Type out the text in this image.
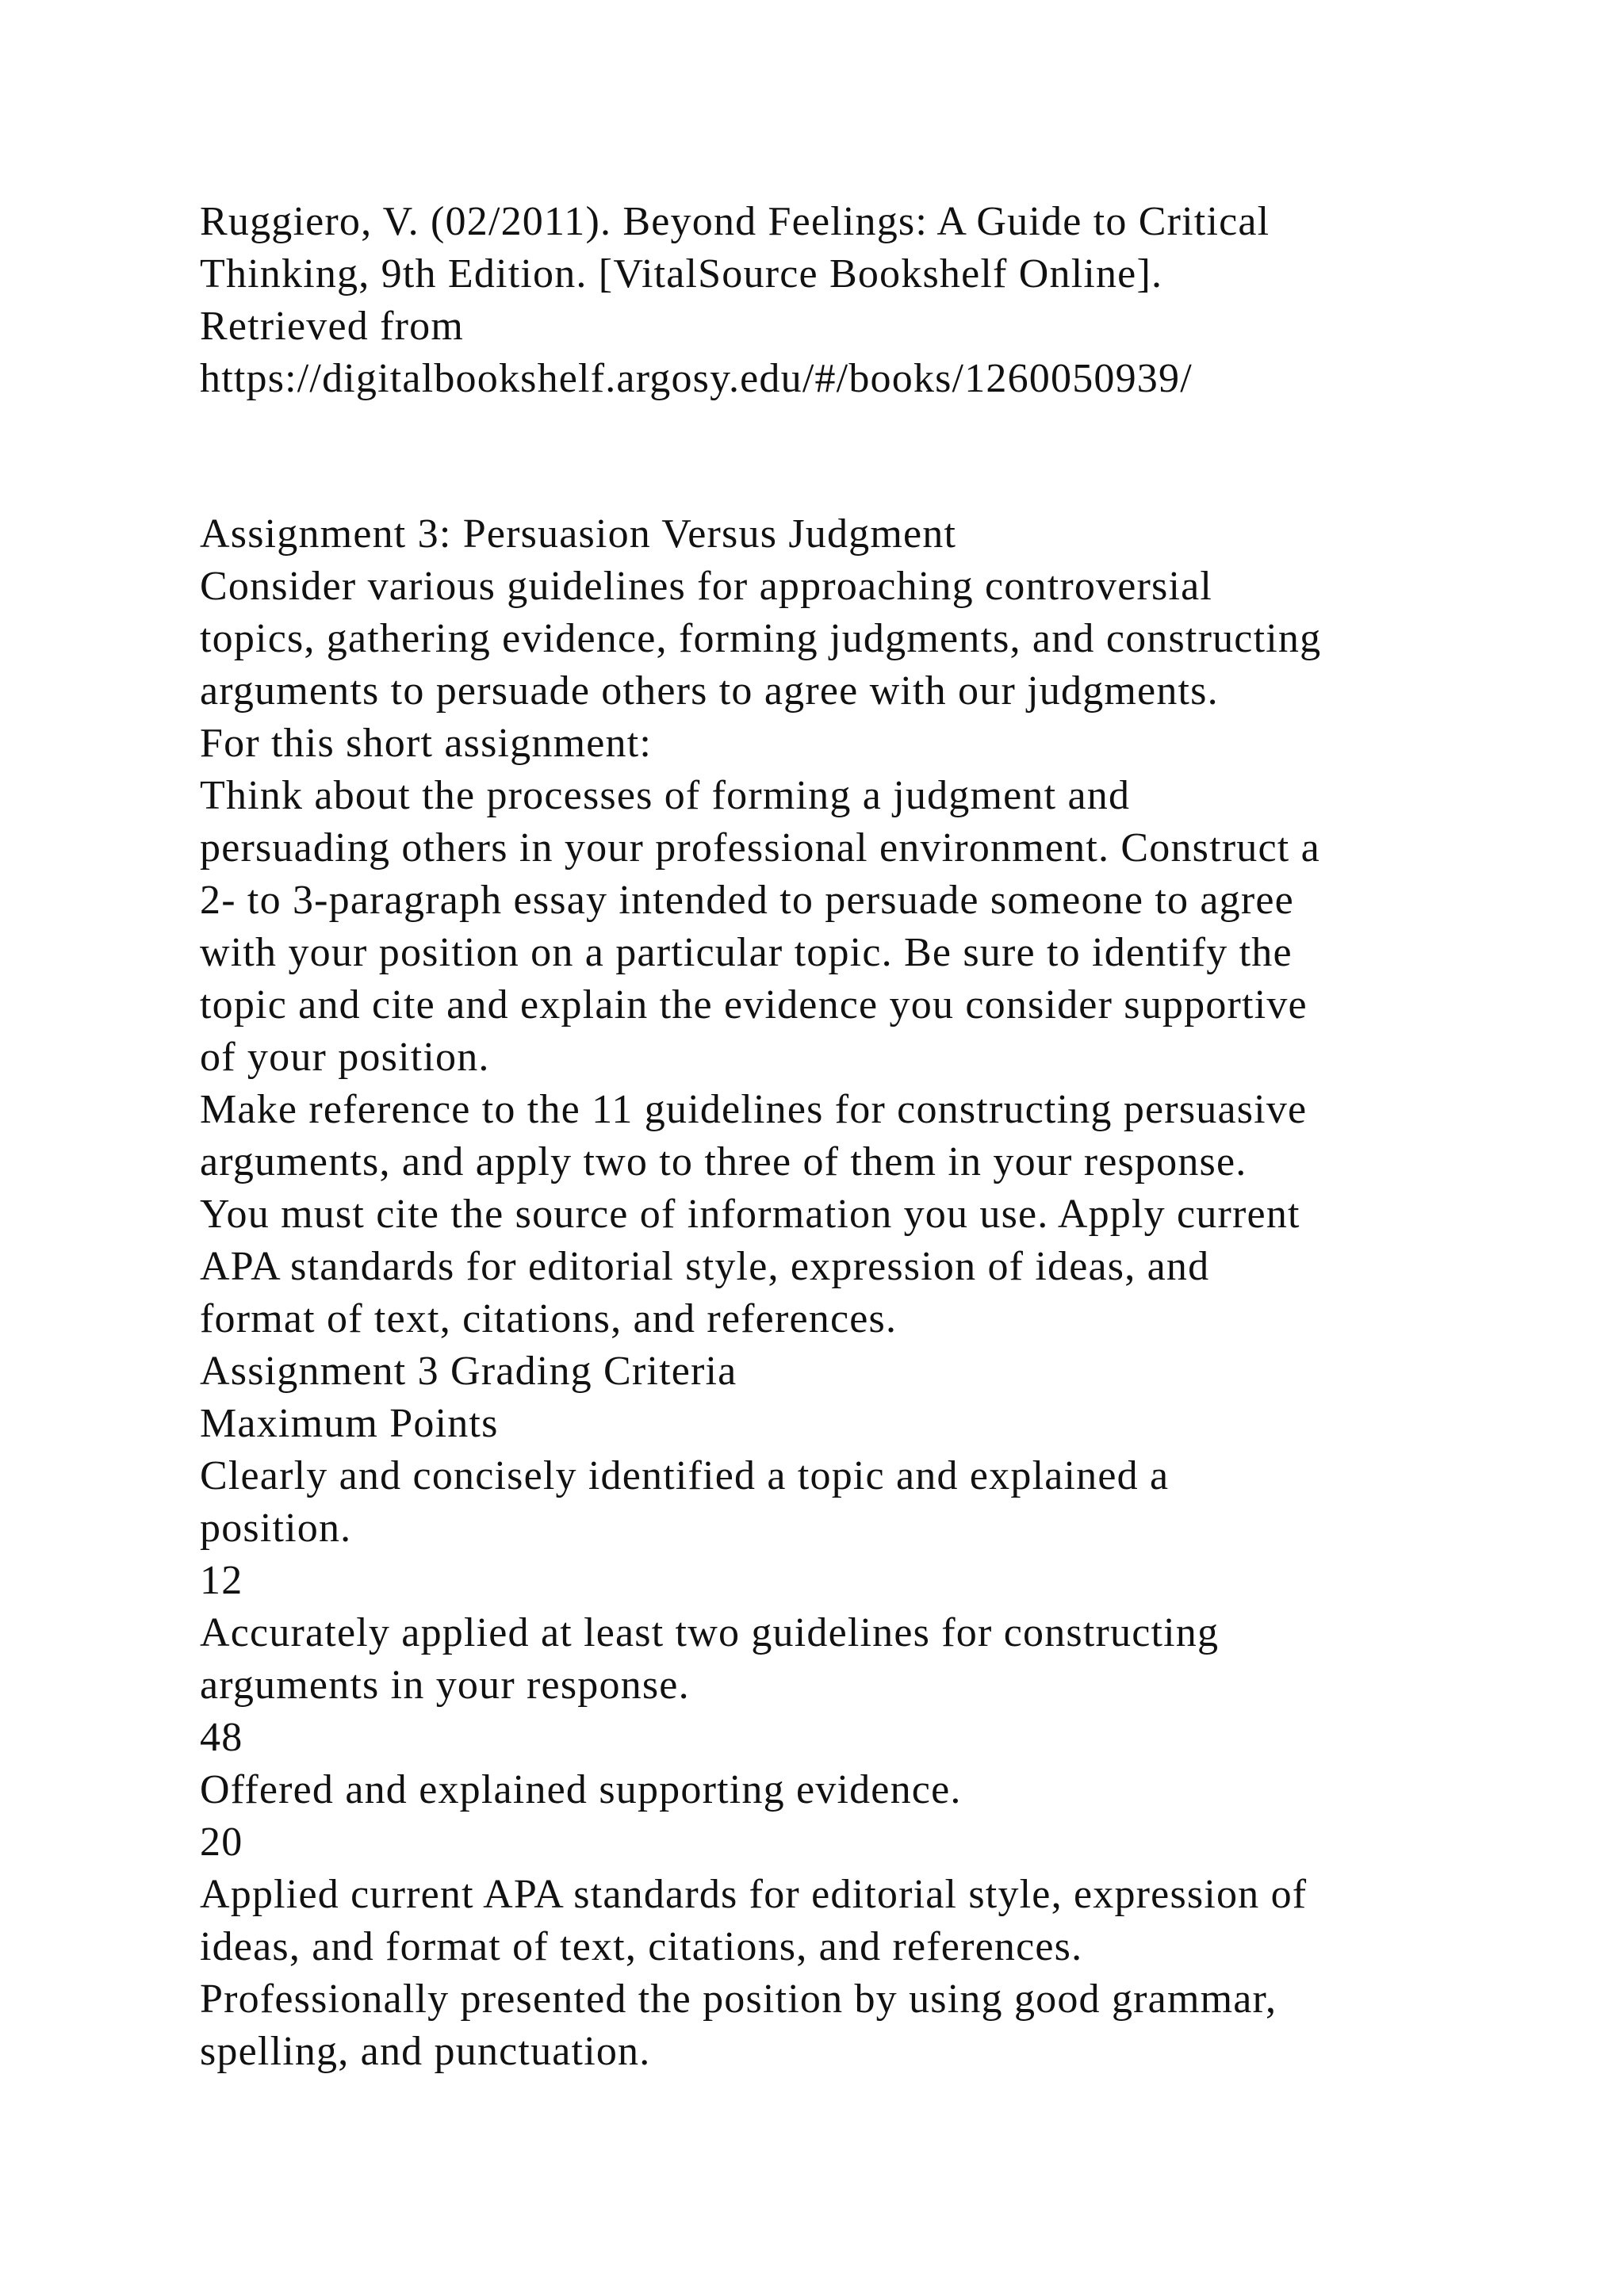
Ruggiero, V. (02/2011). Beyond Feelings: A Guide to Critical
Thinking, 9th Edition. [VitalSource Bookshelf Online].
Retrieved from
https://digitalbookshelf.argosy.edu/#/books/1260050939/
Assignment 3: Persuasion Versus Judgment
Consider various guidelines for approaching controversial
topics, gathering evidence, forming judgments, and constructing
arguments to persuade others to agree with our judgments.
For this short assignment:
Think about the processes of forming a judgment and
persuading others in your professional environment. Construct a
2- to 3-paragraph essay intended to persuade someone to agree
with your position on a particular topic. Be sure to identify the
topic and cite and explain the evidence you consider supportive
of your position.
Make reference to the 11 guidelines for constructing persuasive
arguments, and apply two to three of them in your response.
You must cite the source of information you use. Apply current
APA standards for editorial style, expression of ideas, and
format of text, citations, and references.
Assignment 3 Grading Criteria
Maximum Points
Clearly and concisely identified a topic and explained a
position.
12
Accurately applied at least two guidelines for constructing
arguments in your response.
48
Offered and explained supporting evidence.
20
Applied current APA standards for editorial style, expression of
ideas, and format of text, citations, and references.
Professionally presented the position by using good grammar,
spelling, and punctuation.
